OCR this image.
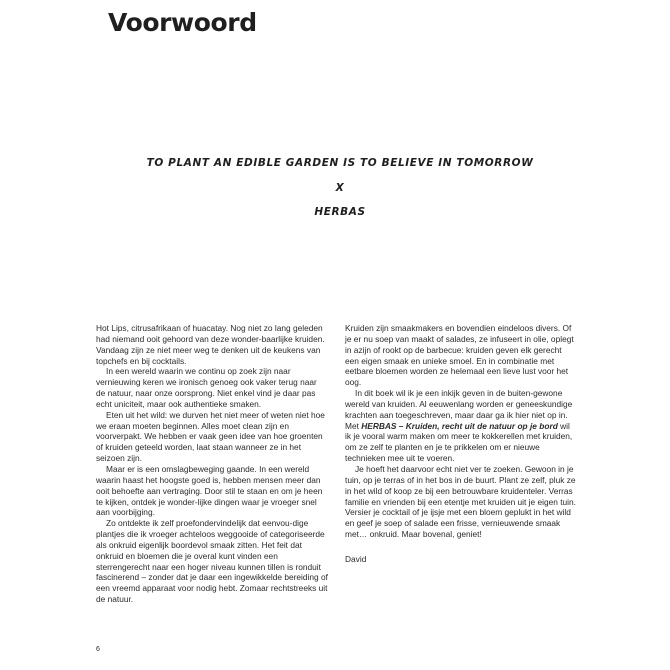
Voorwoord

TO PLANT AN EDIBLE GARDEN IS TO BELIEVE IN TOMORROW

X

HERBAS

Hot Lips, citrusafrikaan of huacatay. Nog niet zo lang geleden had niemand ooit gehoord van deze wonder-baarlijke kruiden. Vandaag zijn ze niet meer weg te denken uit de keukens van topchefs en bij cocktails.

In een wereld waarin we continu op zoek zijn naar vernieuwing keren we ironisch genoeg ook vaker terug naar de natuur, naar onze oorsprong. Niet enkel vind je daar pas echt uniciteit, maar ook authentieke smaken.

Eten uit het wild: we durven het niet meer of weten niet hoe we eraan moeten beginnen. Alles moet clean zijn en voorverpakt. We hebben er vaak geen idee van hoe groenten of kruiden geteeld worden, laat staan wanneer ze in het seizoen zijn.

Maar er is een omslagbeweging gaande. In een wereld waarin haast het hoogste goed is, hebben mensen meer dan ooit behoefte aan vertraging. Door stil te staan en om je heen te kijken, ontdek je wonder-lijke dingen waar je vroeger snel aan voorbijging.

Zo ontdekte ik zelf proefondervindelijk dat eenvou-dige plantjes die ik vroeger achteloos weggooide of categoriseerde als onkruid eigenlijk boordevol smaak zitten. Het feit dat onkruid en bloemen die je overal kunt vinden een sterrengerecht naar een hoger niveau kunnen tillen is ronduit fascinerend – zonder dat je daar een ingewikkelde bereiding of een vreemd apparaat voor nodig hebt. Zomaar rechtstreeks uit de natuur.

Kruiden zijn smaakmakers en bovendien eindeloos divers. Of je er nu soep van maakt of salades, ze infuseert in olie, oplegt in azijn of rookt op de barbecue: kruiden geven elk gerecht een eigen smaak en unieke smoel. En in combinatie met eetbare bloemen worden ze helemaal een lieve lust voor het oog.

In dit boek wil ik je een inkijk geven in de buiten-gewone wereld van kruiden. Al eeuwenlang worden er geneeskundige krachten aan toegeschreven, maar daar ga ik hier niet op in. Met HERBAS – Kruiden, recht uit de natuur op je bord wil ik je vooral warm maken om meer te kokkerellen met kruiden, om ze zelf te planten en je te prikkelen om er nieuwe technieken mee uit te voeren.

Je hoeft het daarvoor echt niet ver te zoeken. Gewoon in je tuin, op je terras of in het bos in de buurt. Plant ze zelf, pluk ze in het wild of koop ze bij een betrouwbare kruidenteler. Verras familie en vrienden bij een etentje met kruiden uit je eigen tuin. Versier je cocktail of je ijsje met een bloem geplukt in het wild en geef je soep of salade een frisse, vernieuwende smaak met… onkruid. Maar bovenal, geniet!

David

6
